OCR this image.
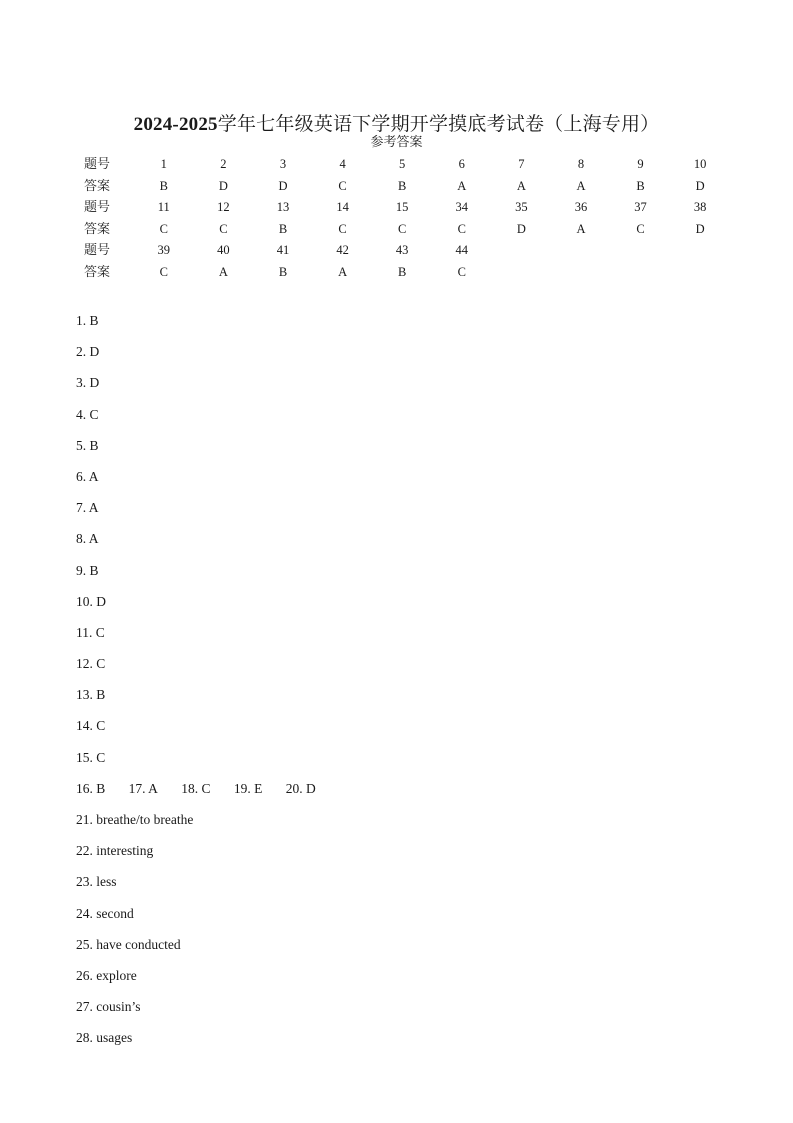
2024-2025学年七年级英语下学期开学摸底考试卷（上海专用）
参考答案
题号	1	2	3	4	5	6	7	8	9	10
答案	B	D	D	C	B	A	A	A	B	D
题号	11	12	13	14	15	34	35	36	37	38
答案	C	C	B	C	C	C	D	A	C	D
题号	39	40	41	42	43	44				
答案	C	A	B	A	B	C				
1. B
2. D
3. D
4. C
5. B
6. A
7. A
8. A
9. B
10. D
11. C
12. C
13. B
14. C
15. C
16. B 17. A 18. C 19. E 20. D
21. breathe/to breathe
22. interesting
23. less
24. second
25. have conducted
26. explore
27. cousin’s
28. usages
